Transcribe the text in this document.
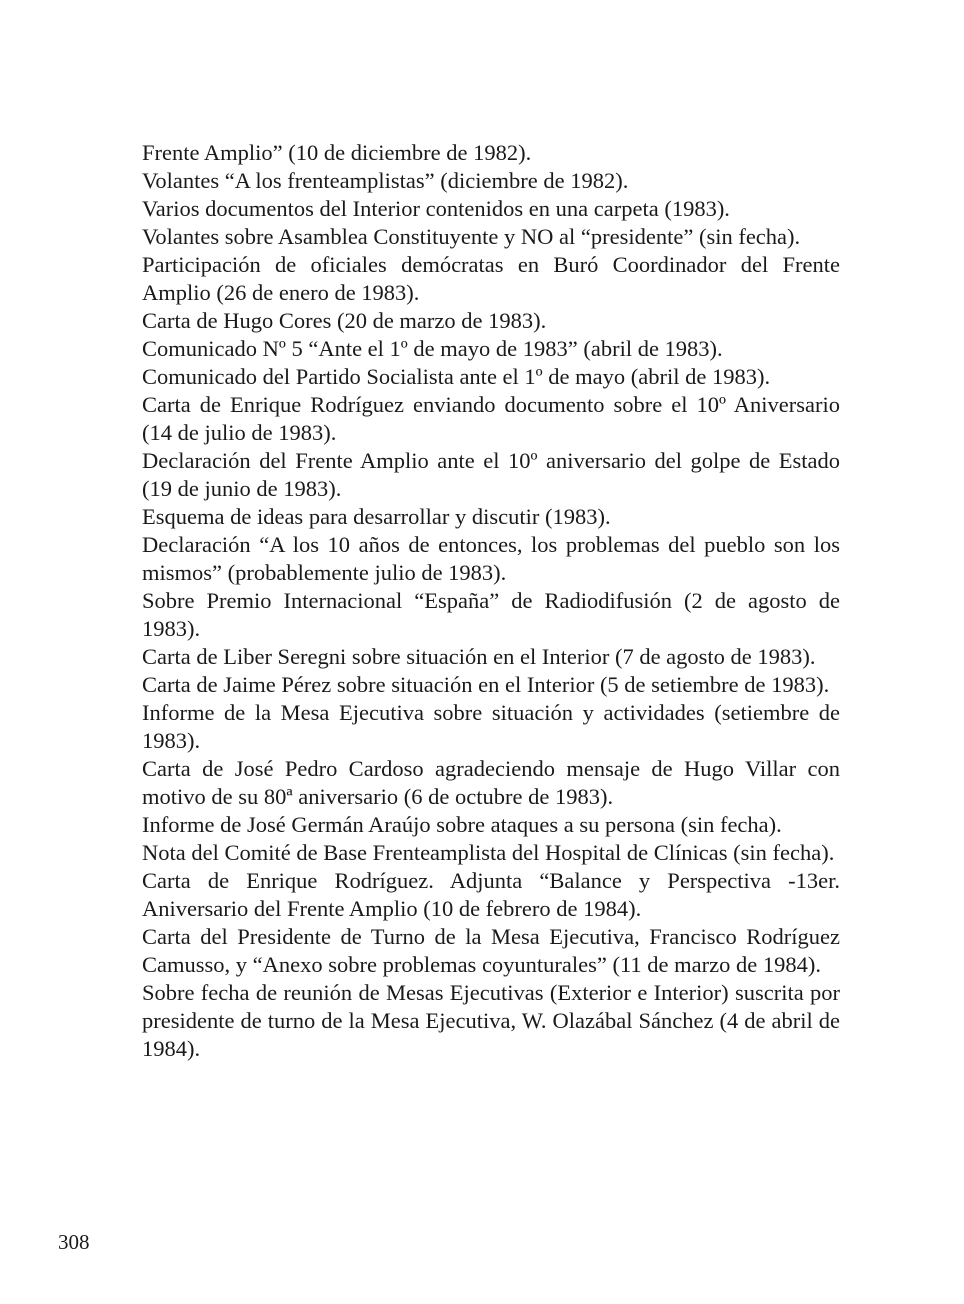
Frente Amplio” (10 de diciembre de 1982).

Volantes “A los frenteamplistas” (diciembre de 1982).

Varios documentos del Interior contenidos en una carpeta (1983).

Volantes sobre Asamblea Constituyente y NO al “presidente” (sin fecha).

Participación de oficiales demócratas en Buró Coordinador del Frente Amplio (26 de enero de 1983).

Carta de Hugo Cores (20 de marzo de 1983).

Comunicado Nº 5 “Ante el 1º de mayo de 1983” (abril de 1983).

Comunicado del Partido Socialista ante el 1º de mayo (abril de 1983).

Carta de Enrique Rodríguez enviando documento sobre el 10º Aniversario (14 de julio de 1983).

Declaración del Frente Amplio ante el 10º aniversario del golpe de Estado (19 de junio de 1983).

Esquema de ideas para desarrollar y discutir (1983).

Declaración “A los 10 años de entonces, los problemas del pueblo son los mismos” (probablemente julio de 1983).

Sobre Premio Internacional “España” de Radiodifusión (2 de agosto de 1983).

Carta de Liber Seregni sobre situación en el Interior (7 de agosto de 1983).

Carta de Jaime Pérez sobre situación en el Interior (5 de setiembre de 1983).

Informe de la Mesa Ejecutiva sobre situación y actividades (setiembre de 1983).

Carta de José Pedro Cardoso agradeciendo mensaje de Hugo Villar con motivo de su 80ª aniversario (6 de octubre de 1983).

Informe de José Germán Araújo sobre ataques a su persona (sin fecha).

Nota del Comité de Base Frenteamplista del Hospital de Clínicas (sin fecha).

Carta de Enrique Rodríguez. Adjunta “Balance y Perspectiva -13er. Aniversario del Frente Amplio (10 de febrero de 1984).

Carta del Presidente de Turno de la Mesa Ejecutiva, Francisco Rodríguez Camusso, y “Anexo sobre problemas coyunturales” (11 de marzo de 1984).

Sobre fecha de reunión de Mesas Ejecutivas (Exterior e Interior) suscrita por presidente de turno de la Mesa Ejecutiva, W. Olazábal Sánchez (4 de abril de 1984).

308
